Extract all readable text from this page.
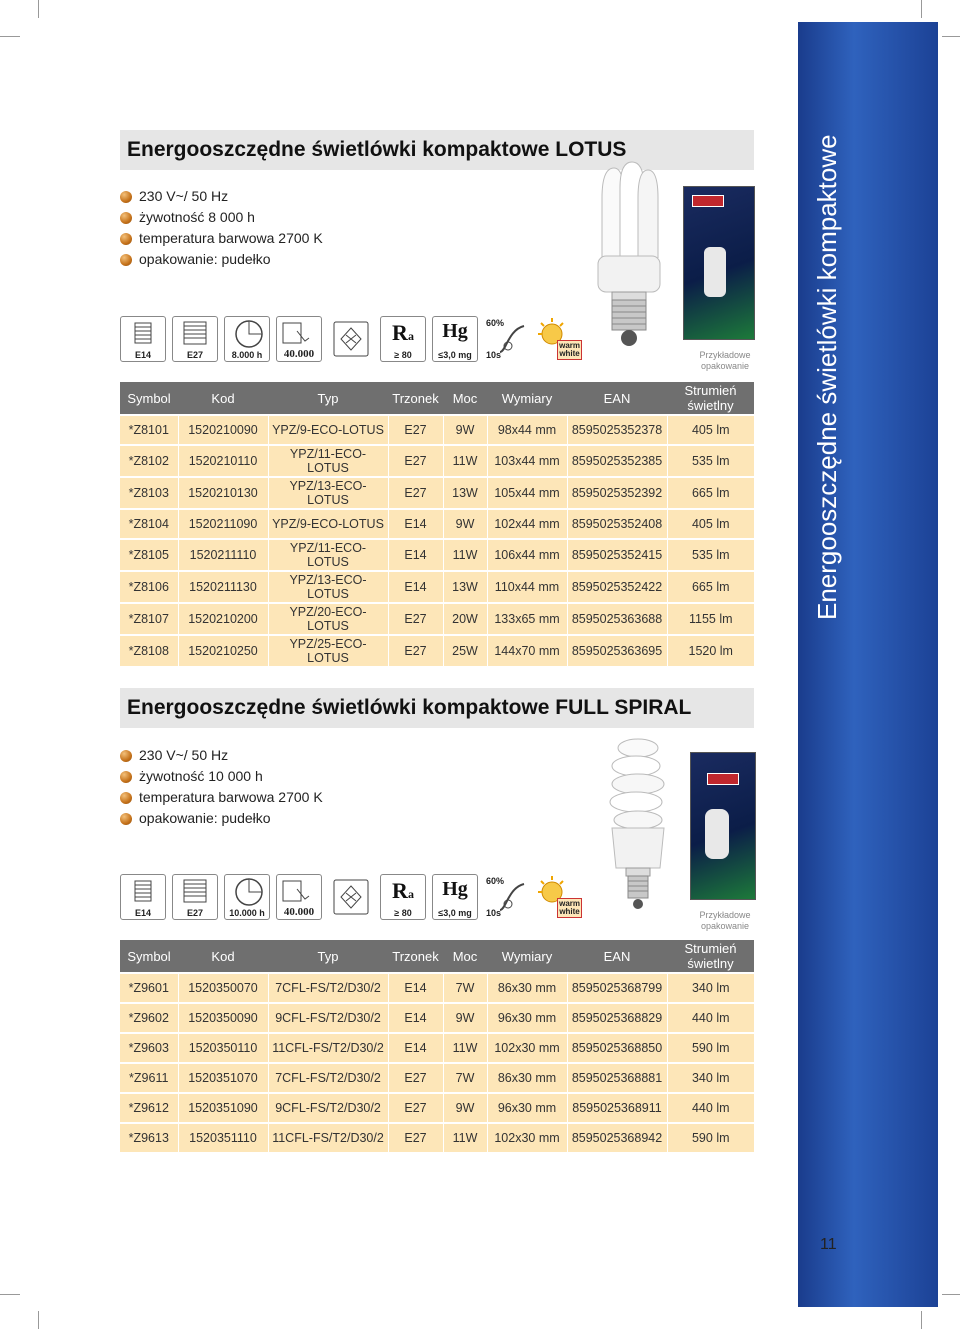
Energooszczędne świetlówki kompaktowe
Energooszczędne świetlówki kompaktowe LOTUS
230 V~/ 50 Hz
żywotność 8 000 h
temperatura barwowa 2700 K
opakowanie: pudełko
E14	E27	8.000 h	40.000
Ra
≥ 80
Hg
≤3,0 mg
60%
10s
warm
white	Przykładowe
opakowanie
Symbol	Kod	Typ	Trzonek	Moc	Wymiary	EAN	Strumień świetlny
*Z8101	1520210090	YPZ/9-ECO-LOTUS	E27	9W	98x44 mm	8595025352378	405 lm
*Z8102	1520210110	YPZ/11-ECO-LOTUS	E27	11W	103x44 mm	8595025352385	535 lm
*Z8103	1520210130	YPZ/13-ECO-LOTUS	E27	13W	105x44 mm	8595025352392	665 lm
*Z8104	1520211090	YPZ/9-ECO-LOTUS	E14	9W	102x44 mm	8595025352408	405 lm
*Z8105	1520211110	YPZ/11-ECO-LOTUS	E14	11W	106x44 mm	8595025352415	535 lm
*Z8106	1520211130	YPZ/13-ECO-LOTUS	E14	13W	110x44 mm	8595025352422	665 lm
*Z8107	1520210200	YPZ/20-ECO-LOTUS	E27	20W	133x65 mm	8595025363688	1155 lm
*Z8108	1520210250	YPZ/25-ECO-LOTUS	E27	25W	144x70 mm	8595025363695	1520 lm
Energooszczędne świetlówki kompaktowe FULL SPIRAL
230 V~/ 50 Hz
żywotność 10 000 h
temperatura barwowa 2700 K
opakowanie: pudełko
E14	E27	10.000 h	40.000
Ra
≥ 80
Hg
≤3,0 mg
60%
10s
warm
white	Przykładowe
opakowanie
Symbol	Kod	Typ	Trzonek	Moc	Wymiary	EAN	Strumień świetlny
*Z9601	1520350070	7CFL-FS/T2/D30/2	E14	7W	86x30 mm	8595025368799	340 lm
*Z9602	1520350090	9CFL-FS/T2/D30/2	E14	9W	96x30 mm	8595025368829	440 lm
*Z9603	1520350110	11CFL-FS/T2/D30/2	E14	11W	102x30 mm	8595025368850	590 lm
*Z9611	1520351070	7CFL-FS/T2/D30/2	E27	7W	86x30 mm	8595025368881	340 lm
*Z9612	1520351090	9CFL-FS/T2/D30/2	E27	9W	96x30 mm	8595025368911	440 lm
*Z9613	1520351110	11CFL-FS/T2/D30/2	E27	11W	102x30 mm	8595025368942	590 lm
11
